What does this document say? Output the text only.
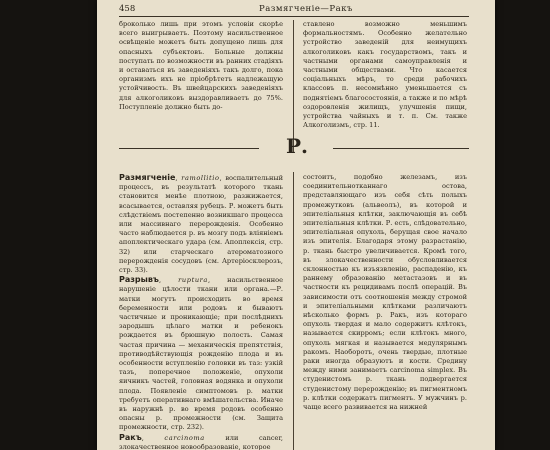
458	Размягченіе—Ракъ

броколько лишь при этомъ условіи скорѣе всего выигрываетъ. Поэтому насильственное освѣщеніе можетъ быть допущено лишь для опасныхъ субъектовъ. Больные должны поступать по возможности въ ранних стадіяхъ и оставаться въ заведеніяхъ такъ долго, пока организмъ ихъ не пріобрѣтетъ надлежащую устойчивость. Въ швейцарскихъ заведеніяхъ для алкоголиковъ выздоравливаетъ до 75%. Поступленіе должно быть до-

ставлено возможно меньшимъ формальностямъ. Особенно желательно устройство заведеній для неимущихъ алкоголиковъ какъ государствомъ, такъ и частными органами самоуправленія и частными обществами. Что касается соціальныхъ мѣръ, то среди рабочихъ классовъ п. несомнѣнно уменьшается съ поднятіемъ благосостоянія, а также и по мѣрѣ оздоровленія жилищъ, улучшенія пищи, устройства чайныхъ и т. п. См. также Алкоголизмъ, стр. 11.

Р.

Размягченіе, ramollitio, воспалительный процессъ, въ результатѣ которого ткань становится менѣе плотною, разжижается, всасывается, оставляя рубецъ. Р. можетъ быть слѣдствіемъ постепенно возникшаго процесса или массивнаго перерожденія. Особенно часто наблюдается р. въ мозгу подъ вліяніемъ апоплектическаго удара (см. Апоплексія, стр. 32) или старческаго атероматозного перерожденія сосудовъ (см. Артеріосклерозъ, стр. 33).

Разрывъ, ruptura, насильственное нарушеніе цѣлости ткани или органа.—Р. матки могутъ происходить во время беременности или родовъ и бываютъ частичные и проникающіе; при послѣднихъ зародышъ цѣлаго матки и ребенокъ рождается въ брюшную полость. Самая частая причина — механическія препятствія, противодѣйствующія рожденію плода и въ особенности вступленію головки въ таз: узкій тазъ, поперечное положеніе, опухоли яичникъ частей, головная водянка и опухоли плода. Появленіе симптомовъ р. матки требуетъ оперативнаго вмѣшательства. Иначе въ наружнѣ р. во время родовъ особенно опасны р. промежности (см. Защита промежности, стр. 232).

Ракъ, carcinoma или cancer, злокачественное новообразованіе, которое

состоитъ, подобно железамъ, изъ соединительнотканнаго остова, представляющаго изъ себя сѣть полыхъ промежутковъ (альвеолъ), въ которой и эпителіальныя клѣтки, заключающія въ себѣ эпителіальныя клѣтки. Р. есть, слѣдовательно, эпителіальная опухоль, берущая свое начало изъ эпителія. Благодаря этому разрастанію, р. ткань быстро увеличивается. Кромѣ того, въ злокачественности обусловливается склонностью къ изъязвленію, распаденію, къ раннему образованію метастазовъ и въ частности къ рецидивамъ послѣ операцій. Въ зависимости отъ соотношенія между стромой и эпителіальными клѣтками различаютъ нѣсколько формъ р. Ракъ, изъ котораго опухоль твердая и мало содержитъ клѣтокъ, называется скирромъ; если клѣтокъ много, опухоль мягкая и называется медулярнымъ ракомъ. Наоборотъ, очень твердые, плотные раки иногда образуютъ и кости. Средину между ними занимаетъ carcinoma simplex. Въ студенистомъ р. ткань подвергается студенистому перерожденію; въ пигментномъ р. клѣтки содержатъ пигментъ. У мужчинъ р. чаще всего развивается на нижней
